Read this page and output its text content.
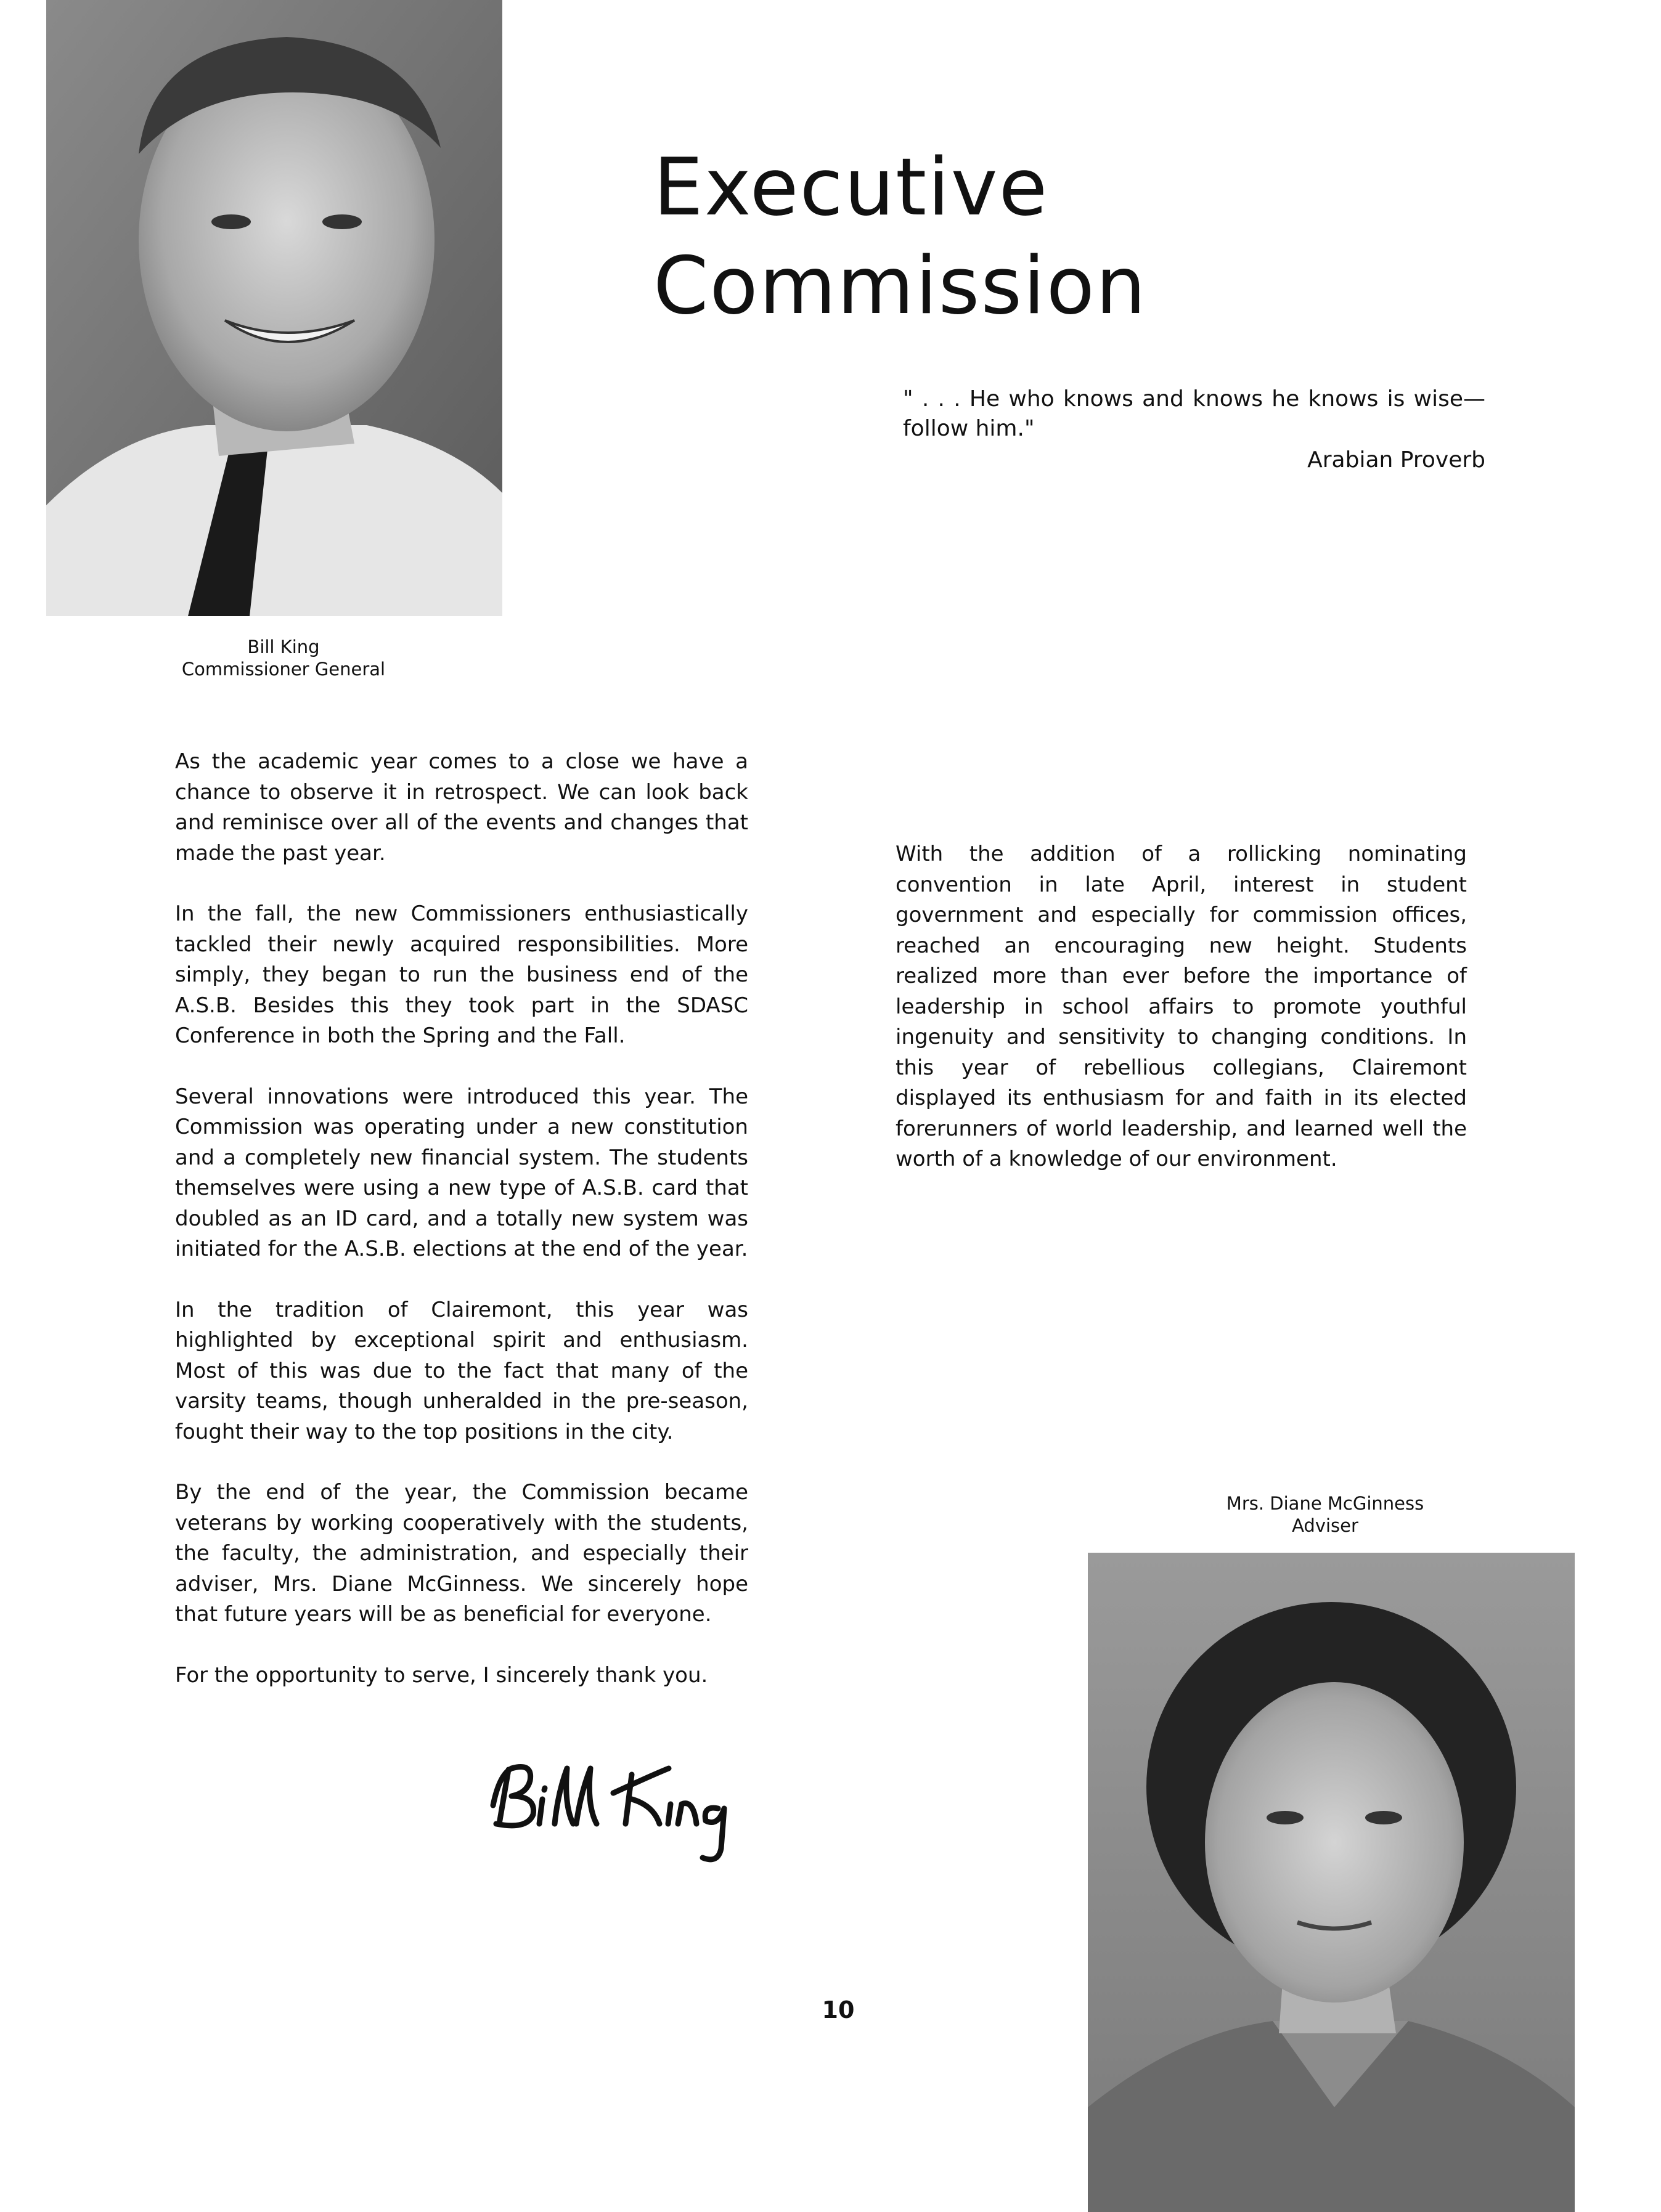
Bill King
Commissioner General
Executive Commission
" . . . He who knows and knows he knows is wise— follow him."
Arabian Proverb

As the academic year comes to a close we have a chance to observe it in retrospect. We can look back and reminisce over all of the events and changes that made the past year.

In the fall, the new Commissioners enthusiastically tackled their newly acquired responsibilities. More simply, they began to run the business end of the A.S.B. Besides this they took part in the SDASC Conference in both the Spring and the Fall.

Several innovations were introduced this year. The Commission was operating under a new constitution and a completely new financial system. The students themselves were using a new type of A.S.B. card that doubled as an ID card, and a totally new system was initiated for the A.S.B. elections at the end of the year.

In the tradition of Clairemont, this year was highlighted by exceptional spirit and enthusiasm. Most of this was due to the fact that many of the varsity teams, though unheralded in the pre-season, fought their way to the top positions in the city.

By the end of the year, the Commission became veterans by working cooperatively with the students, the faculty, the administration, and especially their adviser, Mrs. Diane McGinness. We sincerely hope that future years will be as beneficial for everyone.

For the opportunity to serve, I sincerely thank you.

With the addition of a rollicking nominating convention in late April, interest in student government and especially for commission offices, reached an encouraging new height. Students realized more than ever before the importance of leadership in school affairs to promote youthful ingenuity and sensitivity to changing conditions. In this year of rebellious collegians, Clairemont displayed its enthusiasm for and faith in its elected forerunners of world leadership, and learned well the worth of a knowledge of our environment.

Mrs. Diane McGinness
Adviser
10
